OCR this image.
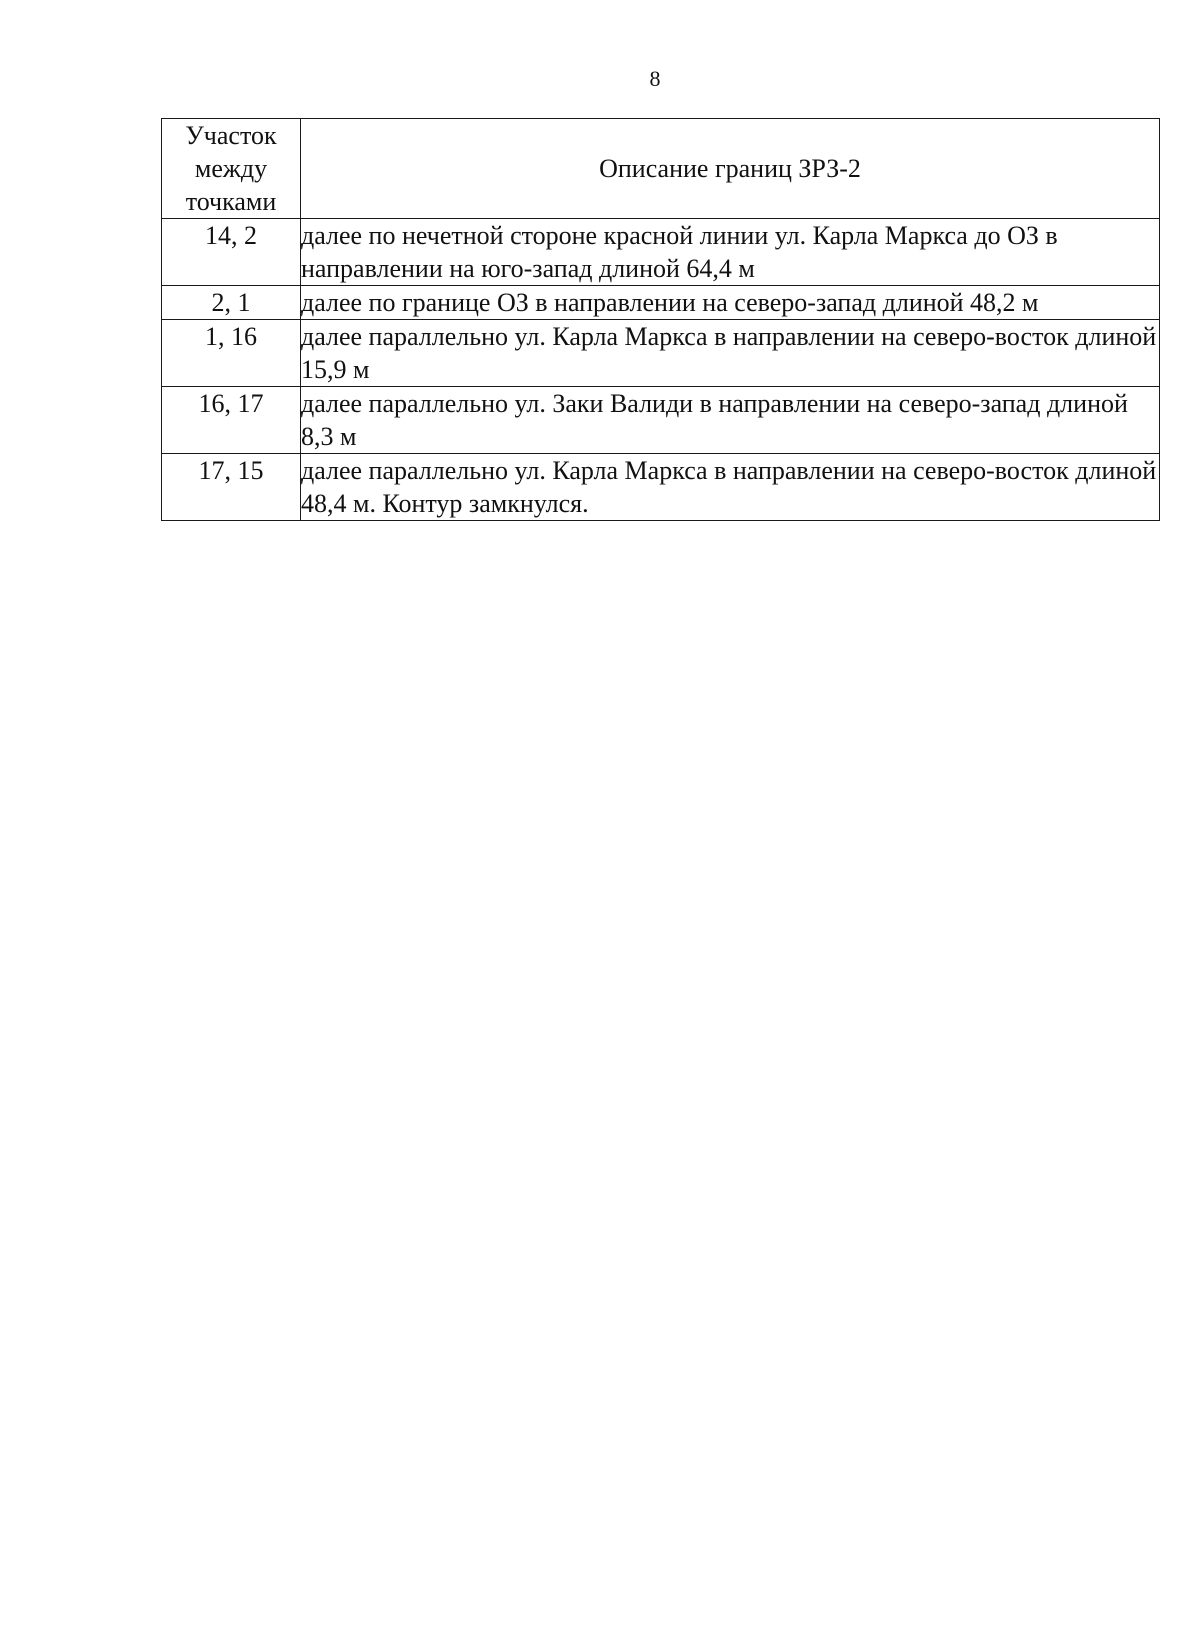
8
Участок
между
точками	Описание границ ЗРЗ-2
14, 2	далее по нечетной стороне красной линии ул. Карла Маркса до ОЗ в направлении на юго-запад длиной 64,4 м
2, 1	далее по границе ОЗ в направлении на северо-запад длиной 48,2 м
1, 16	далее параллельно ул. Карла Маркса в направлении на северо-восток длиной 15,9 м
16, 17	далее параллельно ул. Заки Валиди в направлении на северо-запад длиной 8,3 м
17, 15	далее параллельно ул. Карла Маркса в направлении на северо-восток длиной 48,4 м. Контур замкнулся.
